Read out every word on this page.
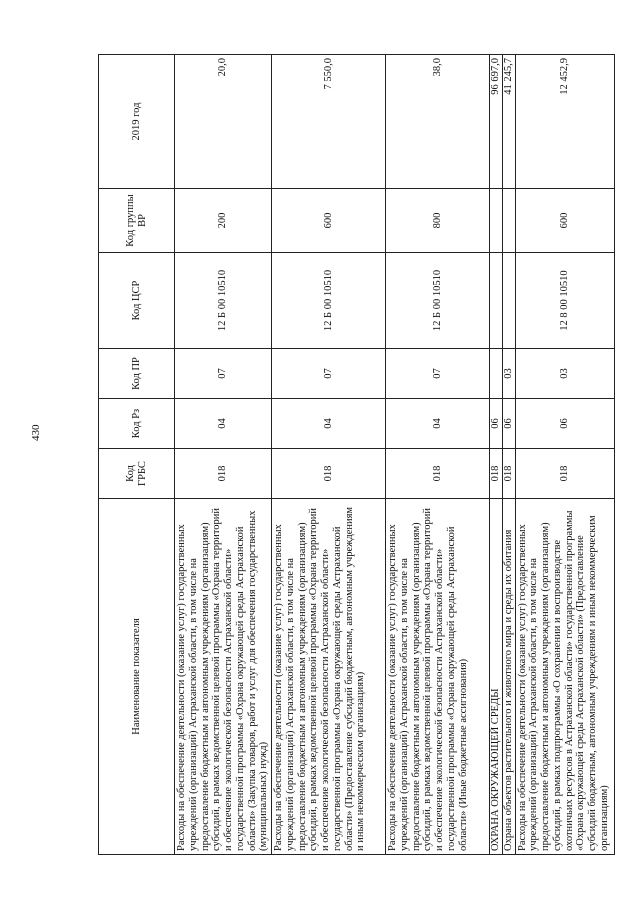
430
Наименование показателя	Код ГРБС	Код Рз	Код ПР	Код ЦСР	Код группы ВР	2019 год
Расходы на обеспечение деятельности (оказание услуг) государственных учреждений (организаций) Астраханской области, в том числе на предоставление бюджетным и автономным учреждениям (организациям) субсидий, в рамках ведомственной целевой программы «Охрана территорий и обеспечение экологической безопасности Астраханской области» государственной программы «Охрана окружающей среды Астраханской области» (Закупка товаров, работ и услуг для обеспечения государственных (муниципальных) нужд)	018	04	07	12 Б 00 10510	200	20,0
Расходы на обеспечение деятельности (оказание услуг) государственных учреждений (организаций) Астраханской области, в том числе на предоставление бюджетным и автономным учреждениям (организациям) субсидий, в рамках ведомственной целевой программы «Охрана территорий и обеспечение экологической безопасности Астраханской области» государственной программы «Охрана окружающей среды Астраханской области» (Предоставление субсидий бюджетным, автономным учреждениям и иным некоммерческим организациям)	018	04	07	12 Б 00 10510	600	7 550,0
Расходы на обеспечение деятельности (оказание услуг) государственных учреждений (организаций) Астраханской области, в том числе на предоставление бюджетным и автономным учреждениям (организациям) субсидий, в рамках ведомственной целевой программы «Охрана территорий и обеспечение экологической безопасности Астраханской области» государственной программы «Охрана окружающей среды Астраханской области» (Иные бюджетные ассигнования)	018	04	07	12 Б 00 10510	800	38,0
ОХРАНА ОКРУЖАЮЩЕЙ СРЕДЫ	018	06				96 697,0
Охрана объектов растительного и животного мира и среды их обитания	018	06	03			41 245,7
Расходы на обеспечение деятельности (оказание услуг) государственных учреждений (организаций) Астраханской области, в том числе на предоставление бюджетным и автономным учреждениям (организациям) субсидий, в рамках подпрограммы «О сохранении и воспроизводстве охотничьих ресурсов в Астраханской области» государственной программы «Охрана окружающей среды Астраханской области» (Предоставление субсидий бюджетным, автономным учреждениям и иным некоммерческим организациям)	018	06	03	12 8 00 10510	600	12 452,9
